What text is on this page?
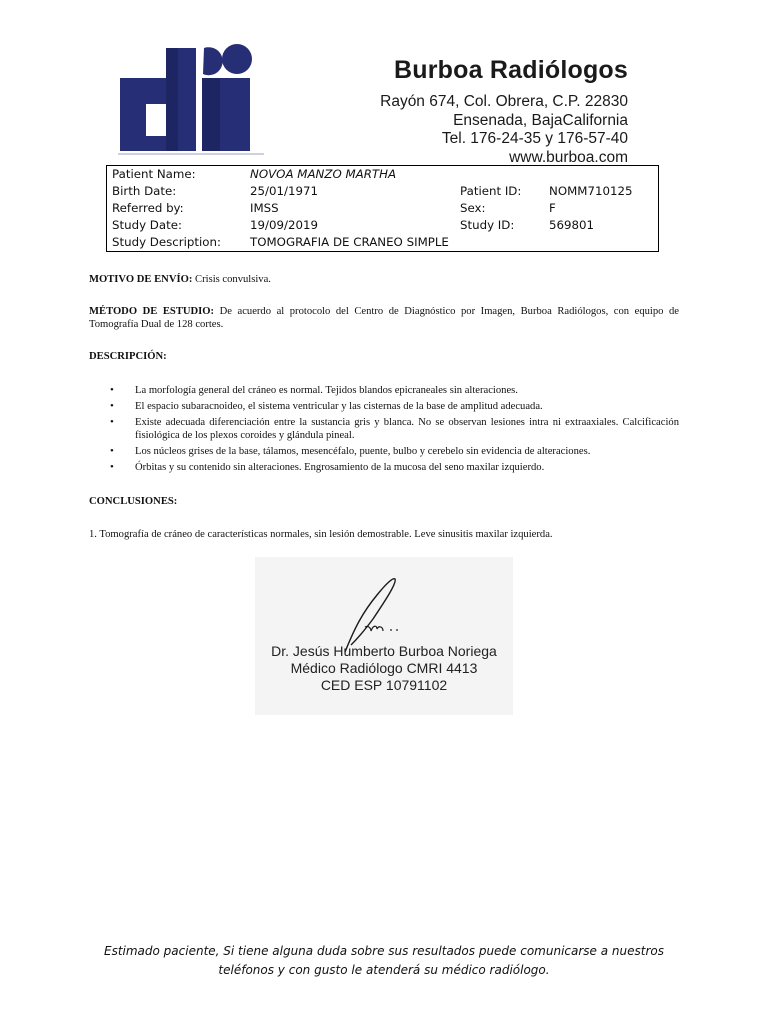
Burboa Radiólogos
Rayón 674, Col. Obrera, C.P. 22830
Ensenada, BajaCalifornia
Tel. 176-24-35 y 176-57-40
www.burboa.com
Patient Name:	NOVOA MANZO MARTHA
Birth Date:	25/01/1971	Patient ID: NOMM710125
Referred by:	IMSS	Sex:	F
Study Date:	19/09/2019	Study ID:	569801
Study Description: TOMOGRAFIA DE CRANEO SIMPLE
MOTIVO DE ENVÍO: Crisis convulsiva.
MÉTODO DE ESTUDIO: De acuerdo al protocolo del Centro de Diagnóstico por Imagen, Burboa Radiólogos, con equipo de Tomografía Dual de 128 cortes.
DESCRIPCIÓN:
• La morfología general del cráneo es normal. Tejidos blandos epicraneales sin alteraciones.
• El espacio subaracnoideo, el sistema ventricular y las cisternas de la base de amplitud adecuada.
• Existe adecuada diferenciación entre la sustancia gris y blanca. No se observan lesiones intra ni extraaxiales. Calcificación fisiológica de los plexos coroides y glándula pineal.
• Los núcleos grises de la base, tálamos, mesencéfalo, puente, bulbo y cerebelo sin evidencia de alteraciones.
• Órbitas y su contenido sin alteraciones. Engrosamiento de la mucosa del seno maxilar izquierdo.
CONCLUSIONES:
1. Tomografía de cráneo de características normales, sin lesión demostrable. Leve sinusitis maxilar izquierda.
Dr. Jesús Humberto Burboa Noriega
Médico Radiólogo CMRI 4413
CED ESP 10791102
Estimado paciente, Si tiene alguna duda sobre sus resultados puede comunicarse a nuestros teléfonos y con gusto le atenderá su médico radiólogo.
